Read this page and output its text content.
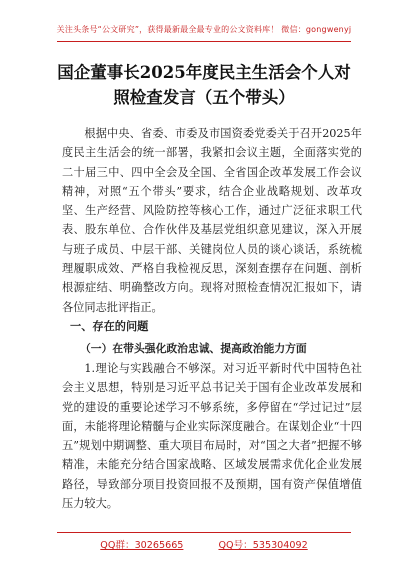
关注头条号“公文研究”，获得最新最全最专业的公文资料库！ 微信：gongwenyj
国企董事长2025年度民主生活会个人对
照检查发言（五个带头）

根据中央、省委、市委及市国资委党委关于召开2025年度民主生活会的统一部署，我紧扣会议主题，全面落实党的二十届三中、四中全会及全国、全省国企改革发展工作会议精神，对照“五个带头”要求，结合企业战略规划、改革攻坚、生产经营、风险防控等核心工作，通过广泛征求职工代表、股东单位、合作伙伴及基层党组织意见建议，深入开展与班子成员、中层干部、关键岗位人员的谈心谈话，系统梳理履职成效、严格自我检视反思，深刻查摆存在问题、剖析根源症结、明确整改方向。现将对照检查情况汇报如下，请各位同志批评指正。

一、存在的问题

（一）在带头强化政治忠诚、提高政治能力方面

1.理论与实践融合不够深。对习近平新时代中国特色社会主义思想，特别是习近平总书记关于国有企业改革发展和党的建设的重要论述学习不够系统，多停留在“学过记过”层面，未能将理论精髓与企业实际深度融合。在谋划企业“十四五”规划中期调整、重大项目布局时，对“国之大者”把握不够精准，未能充分结合国家战略、区域发展需求优化企业发展路径，导致部分项目投资回报不及预期，国有资产保值增值压力较大。

QQ群：30265665	QQ号：535304092
